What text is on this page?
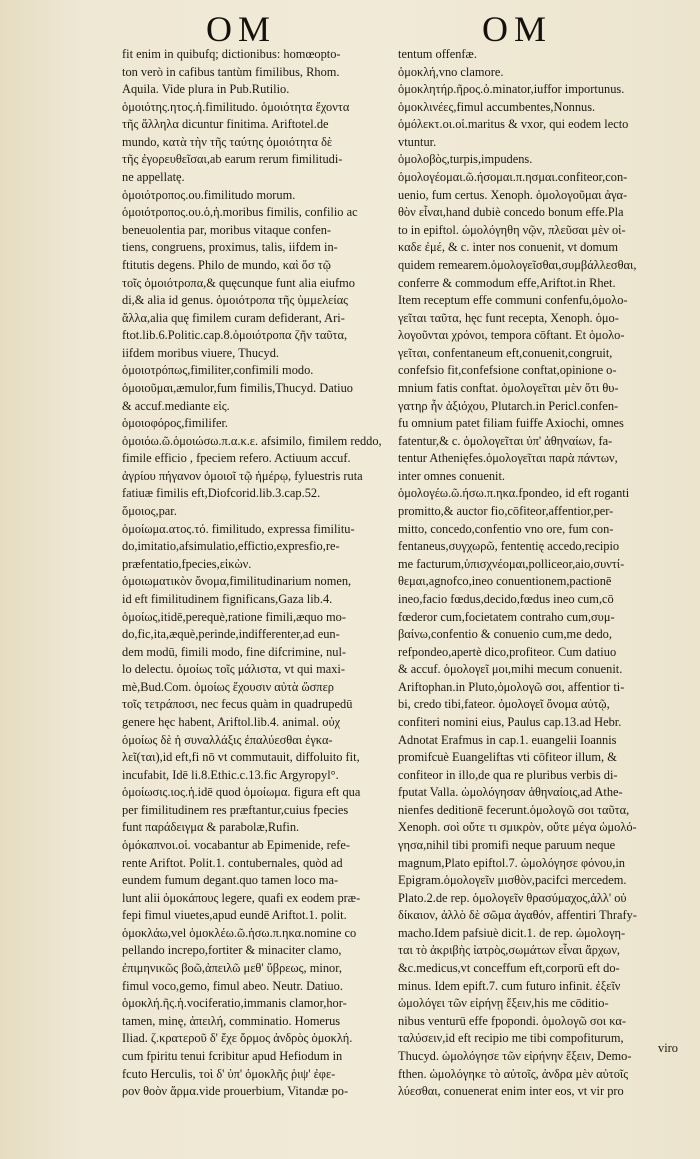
OM	OM
fit enim in quibufq; dictionibus: homœopto-
ton verò in cafibus tantùm fimilibus, Rhom.
Aquila. Vide plura in Pub.Rutilio.
ὁμοιότης.ητος.ἡ.fimilitudo. ὁμοιότητα ἔχοντα
τῆς ἄλληλα dicuntur finitima. Ariftotel.de
mundo, κατὰ τὴν τῆς ταύτης ὁμοιότητα δὲ
τῆς ἐγορευθεῖσαι,ab earum rerum fimilitudi-
ne appellatę.
ὁμοιότροπος.ου.fimilitudo morum.
ὁμοιότροπος.ου.ὁ,ἡ.moribus fimilis, confilio ac
beneuolentia par, moribus vitaque confen-
tiens, congruens, proximus, talis, iifdem in-
ftitutis degens. Philo de mundo, καὶ ὅσ τῷ
τοῖς ὁμοιότροπα,& quęcunque funt alia eiufmo
di,& alia id genus. ὁμοιότροπα τῆς ὑμμελείας
ἄλλα,alia quę fimilem curam defiderant, Ari-
ftot.lib.6.Politic.cap.8.ὁμοιότροπα ζῆν ταῦτα,
iifdem moribus viuere, Thucyd.
ὁμοιοτρόπως,fimiliter,confimili modo.
ὁμοιοῦμαι,æmulor,fum fimilis,Thucyd. Datiuo
& accuf.mediante εἰς.
ὁμοιοφόρος,fimilifer.
ὁμοιόω.ῶ.ὁμοιώσω.π.α.κ.ε. afsimilo, fimilem reddo,
fimile efficio , fpeciem refero. Actiuum accuf.
ἀγρίου πήγανον ὁμοιοῖ τῷ ἡμέρῳ, fyluestris ruta
fatiuæ fimilis eft,Diofcorid.lib.3.cap.52.
ὅμοιος,par.
ὁμοίωμα.ατος.τό. fimilitudo, expressa fimilitu-
do,imitatio,afsimulatio,effictio,expresfio,re-
præfentatio,fpecies,εἰκὼν.
ὁμοιωματικὸν ὄνομα,fimilitudinarium nomen,
id eft fimilitudinem fignificans,Gaza lib.4.
ὁμοίως,itidē,perequè,ratione fimili,æquo mo-
do,fic,ita,æquè,perinde,indifferenter,ad eun-
dem modū, fimili modo, fine difcrimine, nul-
lo delectu. ὁμοίως τοῖς μάλιστα, vt qui maxi-
mè,Bud.Com. ὁμοίως ἔχουσιν αὐτὰ ὥσπερ
τοῖς τετράποσι, nec fecus quàm in quadrupedū
genere hęc habent, Ariftol.lib.4. animal. οὐχ
ὁμοίως δὲ ἡ συναλλάξις ἐπαλύεσθαι ἐγκα-
λεῖ(ται),id eft,fi nō vt commutauit, diffoluito fit,
incufabit, Idē li.8.Ethic.c.13.fic Argyropyl°.
ὁμοίωσις.ιος.ἡ.idē quod ὁμοίωμα. figura eft qua
per fimilitudinem res præftantur,cuius fpecies
funt παράδειγμα & parabolæ,Rufin.
ὁμόκαπνοι.οἱ. vocabantur ab Epimenide, refe-
rente Ariftot. Polit.1. contubernales, quòd ad
eundem fumum degant.quo tamen loco ma-
lunt alii ὁμοκάπους legere, quafi ex eodem præ-
fepi fimul viuetes,apud eundē Ariftot.1. polit.
ὁμοκλάω,vel ὁμοκλέω.ῶ.ἡσω.π.ηκα.nomine co
pellando increpo,fortiter & minaciter clamo,
ἐπιμηνικῶς βοῶ,ἀπειλῶ μεθ' ὕβρεως, minor,
fimul voco,gemo, fimul abeo. Neutr. Datiuo.
ὁμοκλή.ῆς.ἡ.vociferatio,immanis clamor,hor-
tamen, minę, ἀπειλή, comminatio. Homerus
Iliad. ζ.κρατεροῦ δ' ἔχε ὄρμος ἀνδρὸς ὁμοκλή.
cum fpiritu tenui fcribitur apud Hefiodum in
fcuto Herculis, τοὶ δ' ὑπ' ὁμοκλῆς ῥιψ' ἐφε-
ρον θοὸν ἅρμα.vide prouerbium, Vitandæ po-
tentum offenfæ.
ὁμοκλή,vno clamore.
ὁμοκλητήρ.ῆρος.ὁ.minator,iuffor importunus.
ὁμοκλινέες,fimul accumbentes,Nonnus.
ὁμόλεκτ.οι.οἱ.maritus & vxor, qui eodem lecto
vtuntur.
ὁμολοβὸς,turpis,impudens.
ὁμολογέομαι.ῶ.ήσομαι.π.ησμαι.confiteor,con-
uenio, fum certus. Xenoph. ὁμολογοῦμαι ἀγα-
θὸν εἶναι,hand dubiè concedo bonum effe.Pla
to in epiftol. ὡμολόγηθη νῷν, πλεῦσαι μὲν οἰ-
καδε ἐμέ, & c. inter nos conuenit, vt domum
quidem remearem.ὁμολογεῖσθαι,συμβάλλεσθαι,
conferre & commodum effe,Ariftot.in Rhet.
Item receptum effe communi confenfu,ὁμολο-
γεῖται ταῦτα, hęc funt recepta, Xenoph. ὁμο-
λογοῦνται χρόνοι, tempora cōftant. Et ὁμολο-
γεῖται, confentaneum eft,conuenit,congruit,
confefsio fit,confefsione conftat,opinione o-
mnium fatis conftat. ὁμολογεῖται μὲν ὅτι θυ-
γατηρ ἦν ἀξιόχου, Plutarch.in Pericl.confen-
fu omnium patet filiam fuiffe Axiochi, omnes
fatentur,& c. ὁμολογεῖται ὑπ' ἀθηναίων, fa-
tentur Athenięfes.ὁμολογεῖται παρὰ πάντων,
inter omnes conuenit.
ὁμολογέω.ῶ.ήσω.π.ηκα.fpondeo, id eft roganti
promitto,& auctor fio,cōfiteor,affentior,per-
mitto, concedo,confentio vno ore, fum con-
fentaneus,συγχωρῶ, fententię accedo,recipio
me facturum,ὑπισχνέομαι,polliceor,aio,συντί-
θεμαι,agnofco,ineo conuentionem,pactionē
ineo,facio fœdus,decido,fœdus ineo cum,cō
fœderor cum,focietatem contraho cum,συμ-
βαίνω,confentio & conuenio cum,me dedo,
refpondeo,apertè dico,profiteor. Cum datiuo
& accuf. ὁμολογεῖ μοι,mihi mecum conuenit.
Ariftophan.in Pluto,ὁμολογῶ σοι, affentior ti-
bi, credo tibi,fateor. ὁμολογεῖ ὄνομα αὐτῷ,
confiteri nomini eius, Paulus cap.13.ad Hebr.
Adnotat Erafmus in cap.1. euangelii Ioannis
promifcuè Euangeliftas vti cōfiteor illum, &
confiteor in illo,de qua re pluribus verbis di-
fputat Valla. ὡμολόγησαν ἀθηναίοις,ad Athe-
nienfes deditionē fecerunt.ὁμολογῶ σοι ταῦτα,
Xenoph. σοὶ οὔτε τι σμικρὸν, οὔτε μέγα ὡμολό-
γησα,nihil tibi promifi neque paruum neque
magnum,Plato epiftol.7. ὡμολόγησε φόνου,in
Epigram.ὁμολογεῖν μισθὸν,pacifci mercedem.
Plato.2.de rep. ὁμολογεῖν θρασύμαχος,ἀλλ' οὐ
δίκαιον, ἀλλὸ δὲ σῶμα ἀγαθόν, affentiri Thrafy-
macho.Idem pafsiuè dicit.1. de rep. ὡμολογη-
ται τὸ ἀκριβὴς ἰατρὸς,σωμάτων εἶναι ἄρχων,
&c.medicus,vt conceffum eft,corporū eft do-
minus. Idem epift.7. cum futuro infinit. ἐξεῖν
ὡμολόγει τῶν εἰρήνῃ ἕξειν,his me cōditio-
nibus venturū effe fpopondi. ὁμολογῶ σοι κα-
ταλύσειν,id eft recipio me tibi compofiturum,
Thucyd. ὡμολόγησε τῶν εἰρήνην ἕξειν, Demo-
fthen. ὡμολόγηκε τὸ αὐτοῖς, ἀνδρα μὲν αὐτοῖς
λύεσθαι, conuenerat enim inter eos, vt vir pro
viro
